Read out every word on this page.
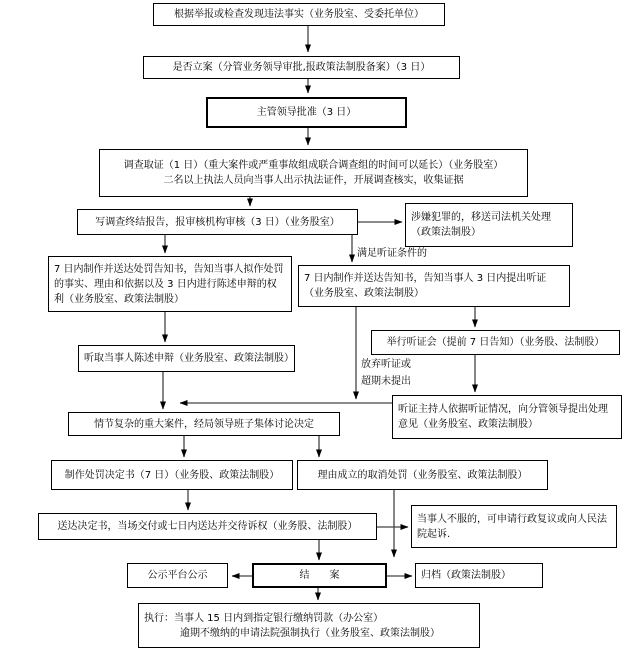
根据举报或检查发现违法事实（业务股室、受委托单位）
是否立案（分管业务领导审批,报政策法制股备案）（3 日）
主管领导批准（3 日）
调查取证（1 日）（重大案件或严重事故组成联合调查组的时间可以延长）（业务股室）
二名以上执法人员向当事人出示执法证件，开展调查核实，收集证据
写调查终结报告，报审核机构审核（3 日）（业务股室）	涉嫌犯罪的，移送司法机关处理（政策法制股）
7 日内制作并送达处罚告知书，告知当事人拟作处罚的事实、理由和依据以及 3 日内进行陈述申辩的权利（业务股室、政策法制股）
7 日内制作并送达告知书，告知当事人 3 日内提出听证（业务股室、政策法制股）
举行听证会（提前 7 日告知）（业务股、法制股）
听取当事人陈述申辩（业务股室、政策法制股）
听证主持人依据听证情况，向分管领导提出处理意见（业务股室、政策法制股）
情节复杂的重大案件，经局领导班子集体讨论决定
制作处罚决定书（7 日）（业务股、政策法制股）	理由成立的取消处罚（业务股室、政策法制股）
送达决定书，当场交付或七日内送达并交待诉权（业务股、法制股）
当事人不服的，可申请行政复议或向人民法院起诉.
公示平台公示	结　　案	归档（政策法制股）
执行：当事人 15 日内到指定银行缴纳罚款（办公室）
逾期不缴纳的申请法院强制执行（业务股室、政策法制股）
满足听证条件的
放弃听证或
超期未提出
